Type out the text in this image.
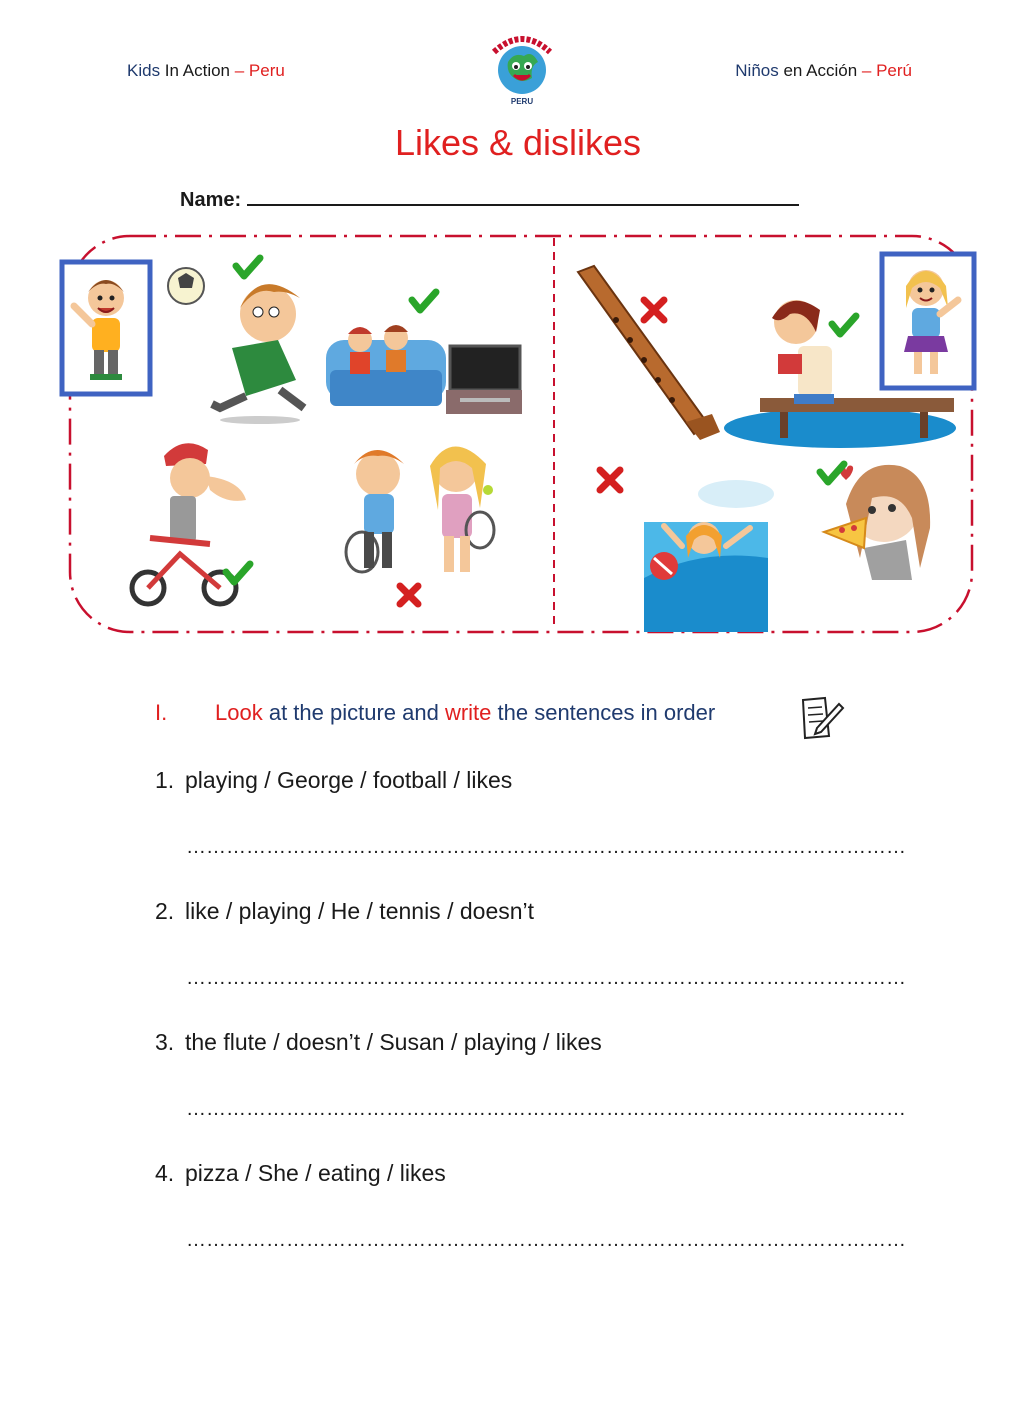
Kids In Action – Peru
PERU
Niños en Acción – Perú
Likes & dislikes
Name:
I. Look at the picture and write the sentences in order
1. playing / George / football / likes
………………………………………………………………………………………………
2. like / playing / He / tennis / doesn’t
………………………………………………………………………………………………
3. the flute / doesn’t / Susan / playing / likes
………………………………………………………………………………………………
4. pizza / She / eating / likes
………………………………………………………………………………………………
